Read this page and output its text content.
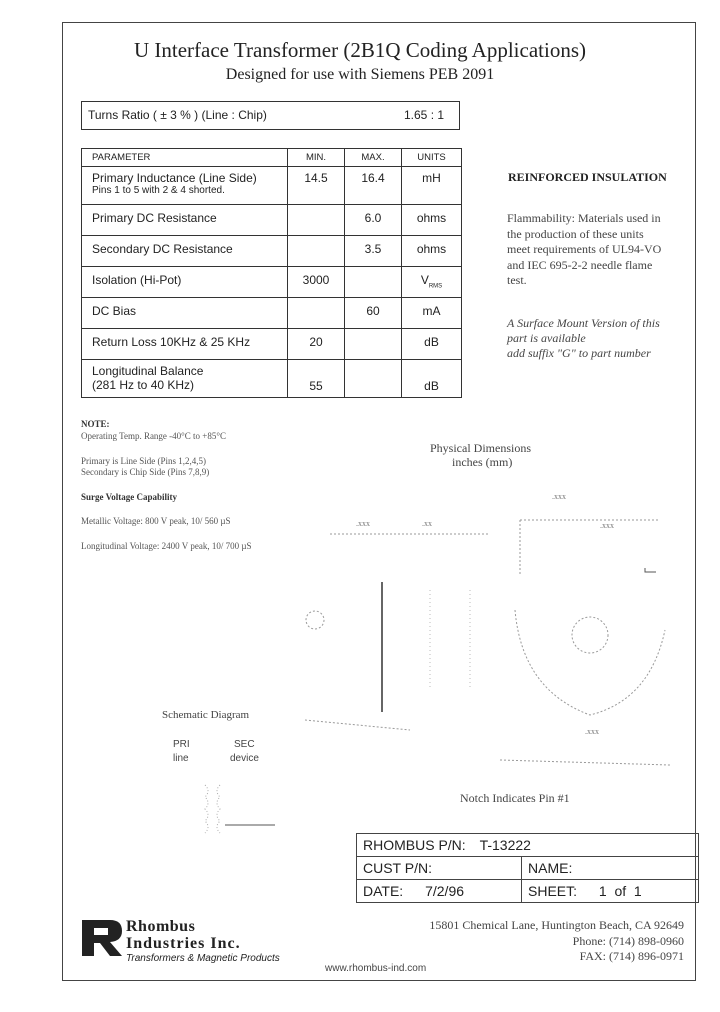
U Interface Transformer (2B1Q Coding Applications)
Designed for use with Siemens PEB 2091
Turns Ratio ( ± 3 % ) (Line : Chip)	1.65 : 1
PARAMETER	MIN.	MAX.	UNITS

Primary Inductance (Line Side)
Pins 1 to 5 with 2 & 4 shorted.	14.5	16.4	mH
Primary DC Resistance		6.0	ohms
Secondary DC Resistance		3.5	ohms
Isolation (Hi-Pot)	3000		$V_{RMS}$
DC Bias		60	mA
Return Loss 10KHz & 25 KHz	20		dB

Longitudinal Balance
(281 Hz to 40 KHz)	55		dB
REINFORCED INSULATION
Flammability: Materials used in
the production of these units
meet requirements of UL94-VO
and IEC 695-2-2 needle flame
test.
A Surface Mount Version of this
part is available
add suffix "G" to part number
NOTE:
Operating Temp. Range -40°C to +85°C
Primary is Line Side (Pins 1,2,4,5)
Secondary is Chip Side (Pins 7,8,9)
Surge Voltage Capability
Metallic Voltage: 800 V peak, 10/ 560 µS
Longitudinal Voltage: 2400 V peak, 10/ 700 µS
Physical Dimensions
inches (mm)
.xxx
.xxx	.xx	.xxx
.xxx
Notch Indicates Pin #1
Schematic Diagram
PRI
line
SEC
device
RHOMBUS P/N: T-13222	
CUST P/N:	NAME:
DATE: 7/2/96	SHEET: 1  of  1
Rhombus
Industries Inc.
Transformers & Magnetic Products
15801 Chemical Lane, Huntington Beach, CA 92649
Phone: (714) 898-0960
FAX: (714) 896-0971
www.rhombus-ind.com
